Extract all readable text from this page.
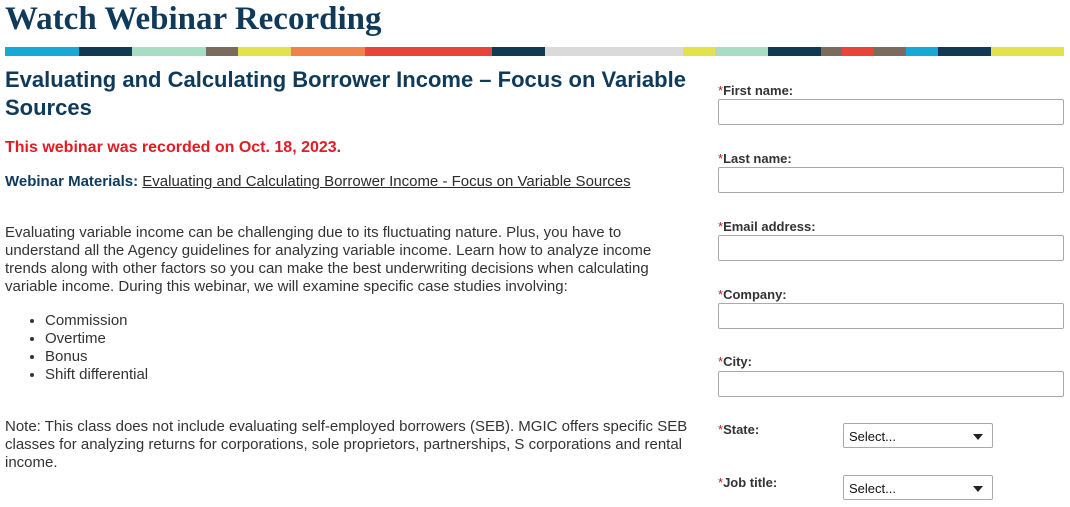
Watch Webinar Recording
Evaluating and Calculating Borrower Income – Focus on Variable Sources

This webinar was recorded on Oct. 18, 2023.

Webinar Materials: Evaluating and Calculating Borrower Income - Focus on Variable Sources

Evaluating variable income can be challenging due to its fluctuating nature. Plus, you have to understand all the Agency guidelines for analyzing variable income. Learn how to analyze income trends along with other factors so you can make the best underwriting decisions when calculating variable income. During this webinar, we will examine specific case studies involving:

• Commission
• Overtime
• Bonus
• Shift differential

Note: This class does not include evaluating self-employed borrowers (SEB). MGIC offers specific SEB classes for analyzing returns for corporations, sole proprietors, partnerships, S corporations and rental income.

*First name:
*Last name:
*Email address:
*Company:
*City:
*State:	Select...
*Job title:	Select...
